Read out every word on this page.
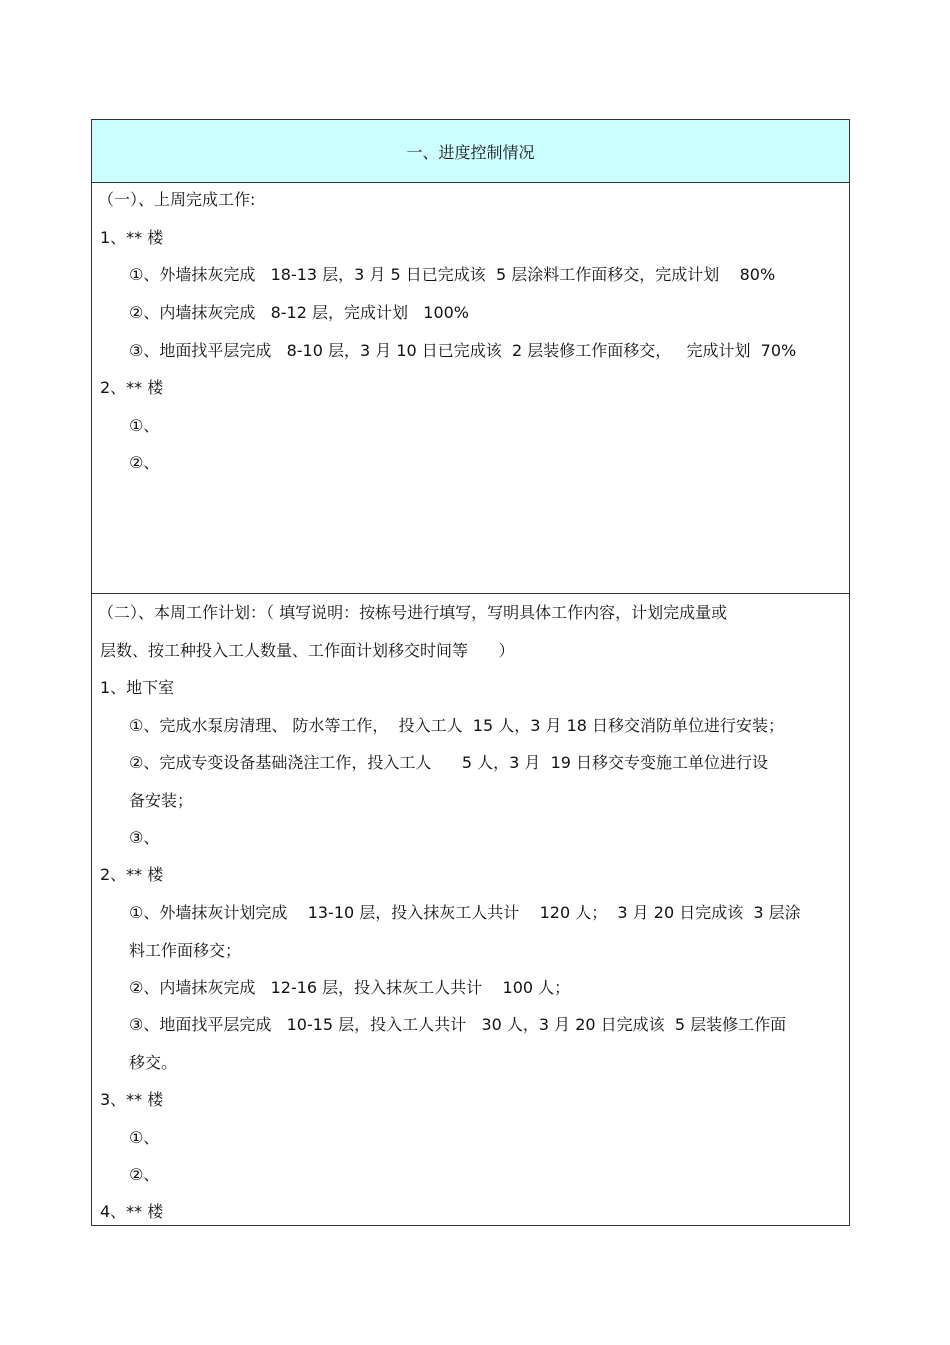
一、进度控制情况
（一）、上周完成工作:
1、** 楼
①、外墙抹灰完成   18-13 层，3 月 5 日已完成该  5 层涂料工作面移交，完成计划    80%
②、内墙抹灰完成   8-12 层，完成计划   100%
③、地面找平层完成   8-10 层，3 月 10 日已完成该  2 层装修工作面移交，   完成计划  70%
2、** 楼
①、
②、
（二）、本周工作计划：（ 填写说明：按栋号进行填写，写明具体工作内容，计划完成量或
层数、按工种投入工人数量、工作面计划移交时间等      ）
1、地下室
①、完成水泵房清理、 防水等工作，  投入工人  15 人，3 月 18 日移交消防单位进行安装；
②、完成专变设备基础浇注工作，投入工人      5 人，3 月  19 日移交专变施工单位进行设
备安装；
③、
2、** 楼
①、外墙抹灰计划完成    13-10 层，投入抹灰工人共计    120 人；  3 月 20 日完成该  3 层涂
料工作面移交；
②、内墙抹灰完成   12-16 层，投入抹灰工人共计    100 人；
③、地面找平层完成   10-15 层，投入工人共计   30 人，3 月 20 日完成该  5 层装修工作面
移交。
3、** 楼
①、
②、
4、** 楼
